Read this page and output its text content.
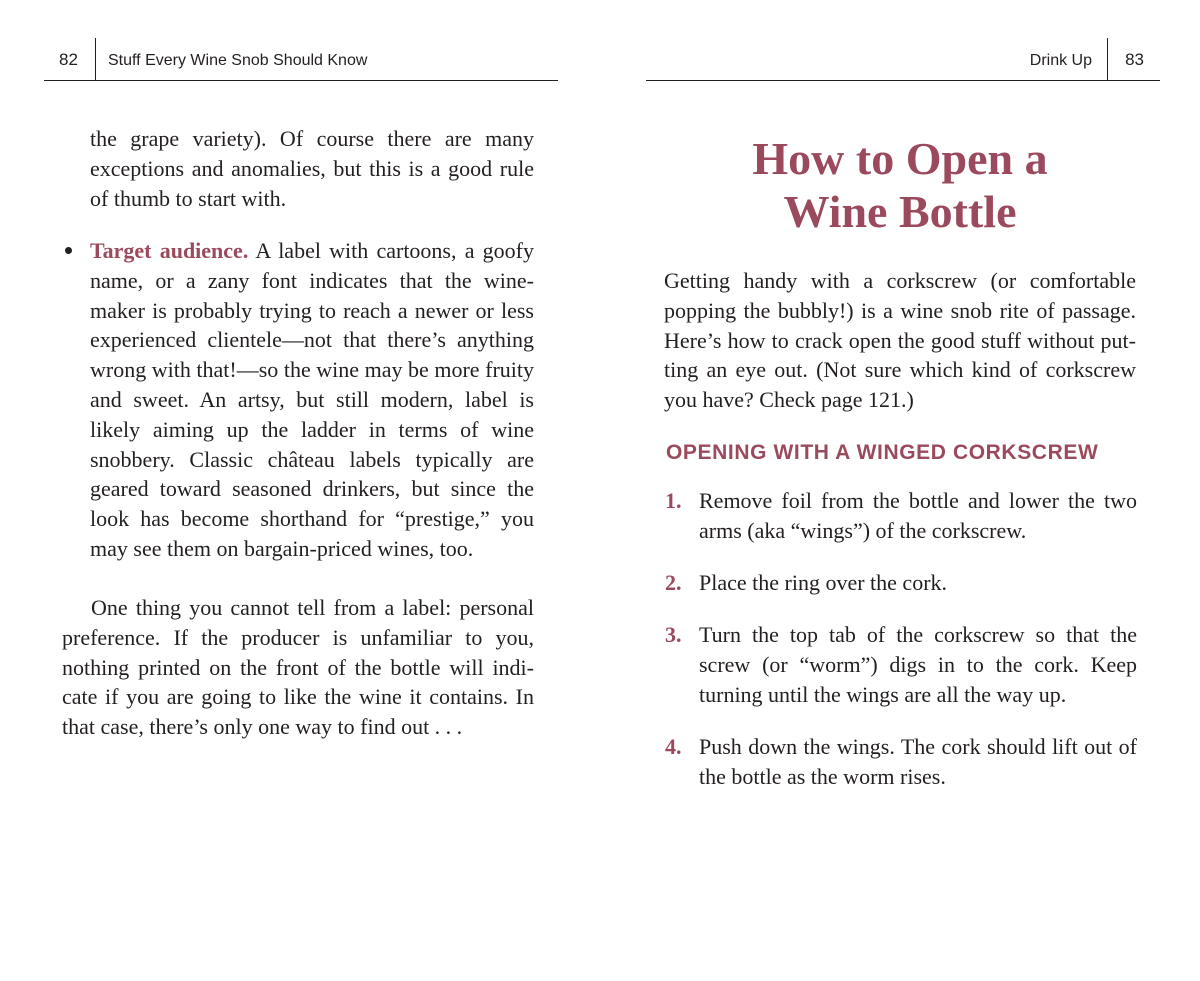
82 Stuff Every Wine Snob Should Know
the grape variety). Of course there are many exceptions and anomalies, but this is a good rule of thumb to start with.
Target audience. A label with cartoons, a goofy name, or a zany font indicates that the wine-maker is probably trying to reach a newer or less experienced clientele—not that there’s anything wrong with that!—so the wine may be more fruity and sweet. An artsy, but still modern, label is likely aiming up the ladder in terms of wine snobbery. Classic château labels typically are geared toward seasoned drinkers, but since the look has become shorthand for “prestige,” you may see them on bargain-priced wines, too.
One thing you cannot tell from a label: personal preference. If the producer is unfamiliar to you, nothing printed on the front of the bottle will indi-cate if you are going to like the wine it contains. In that case, there’s only one way to find out . . .
Drink Up 83
How to Open a
Wine Bottle
Getting handy with a corkscrew (or comfortable popping the bubbly!) is a wine snob rite of passage. Here’s how to crack open the good stuff without put-ting an eye out. (Not sure which kind of corkscrew you have? Check page 121.)
OPENING WITH A WINGED CORKSCREW
1. Remove foil from the bottle and lower the two arms (aka “wings”) of the corkscrew.
2. Place the ring over the cork.
3. Turn the top tab of the corkscrew so that the screw (or “worm”) digs in to the cork. Keep turning until the wings are all the way up.
4. Push down the wings. The cork should lift out of the bottle as the worm rises.
